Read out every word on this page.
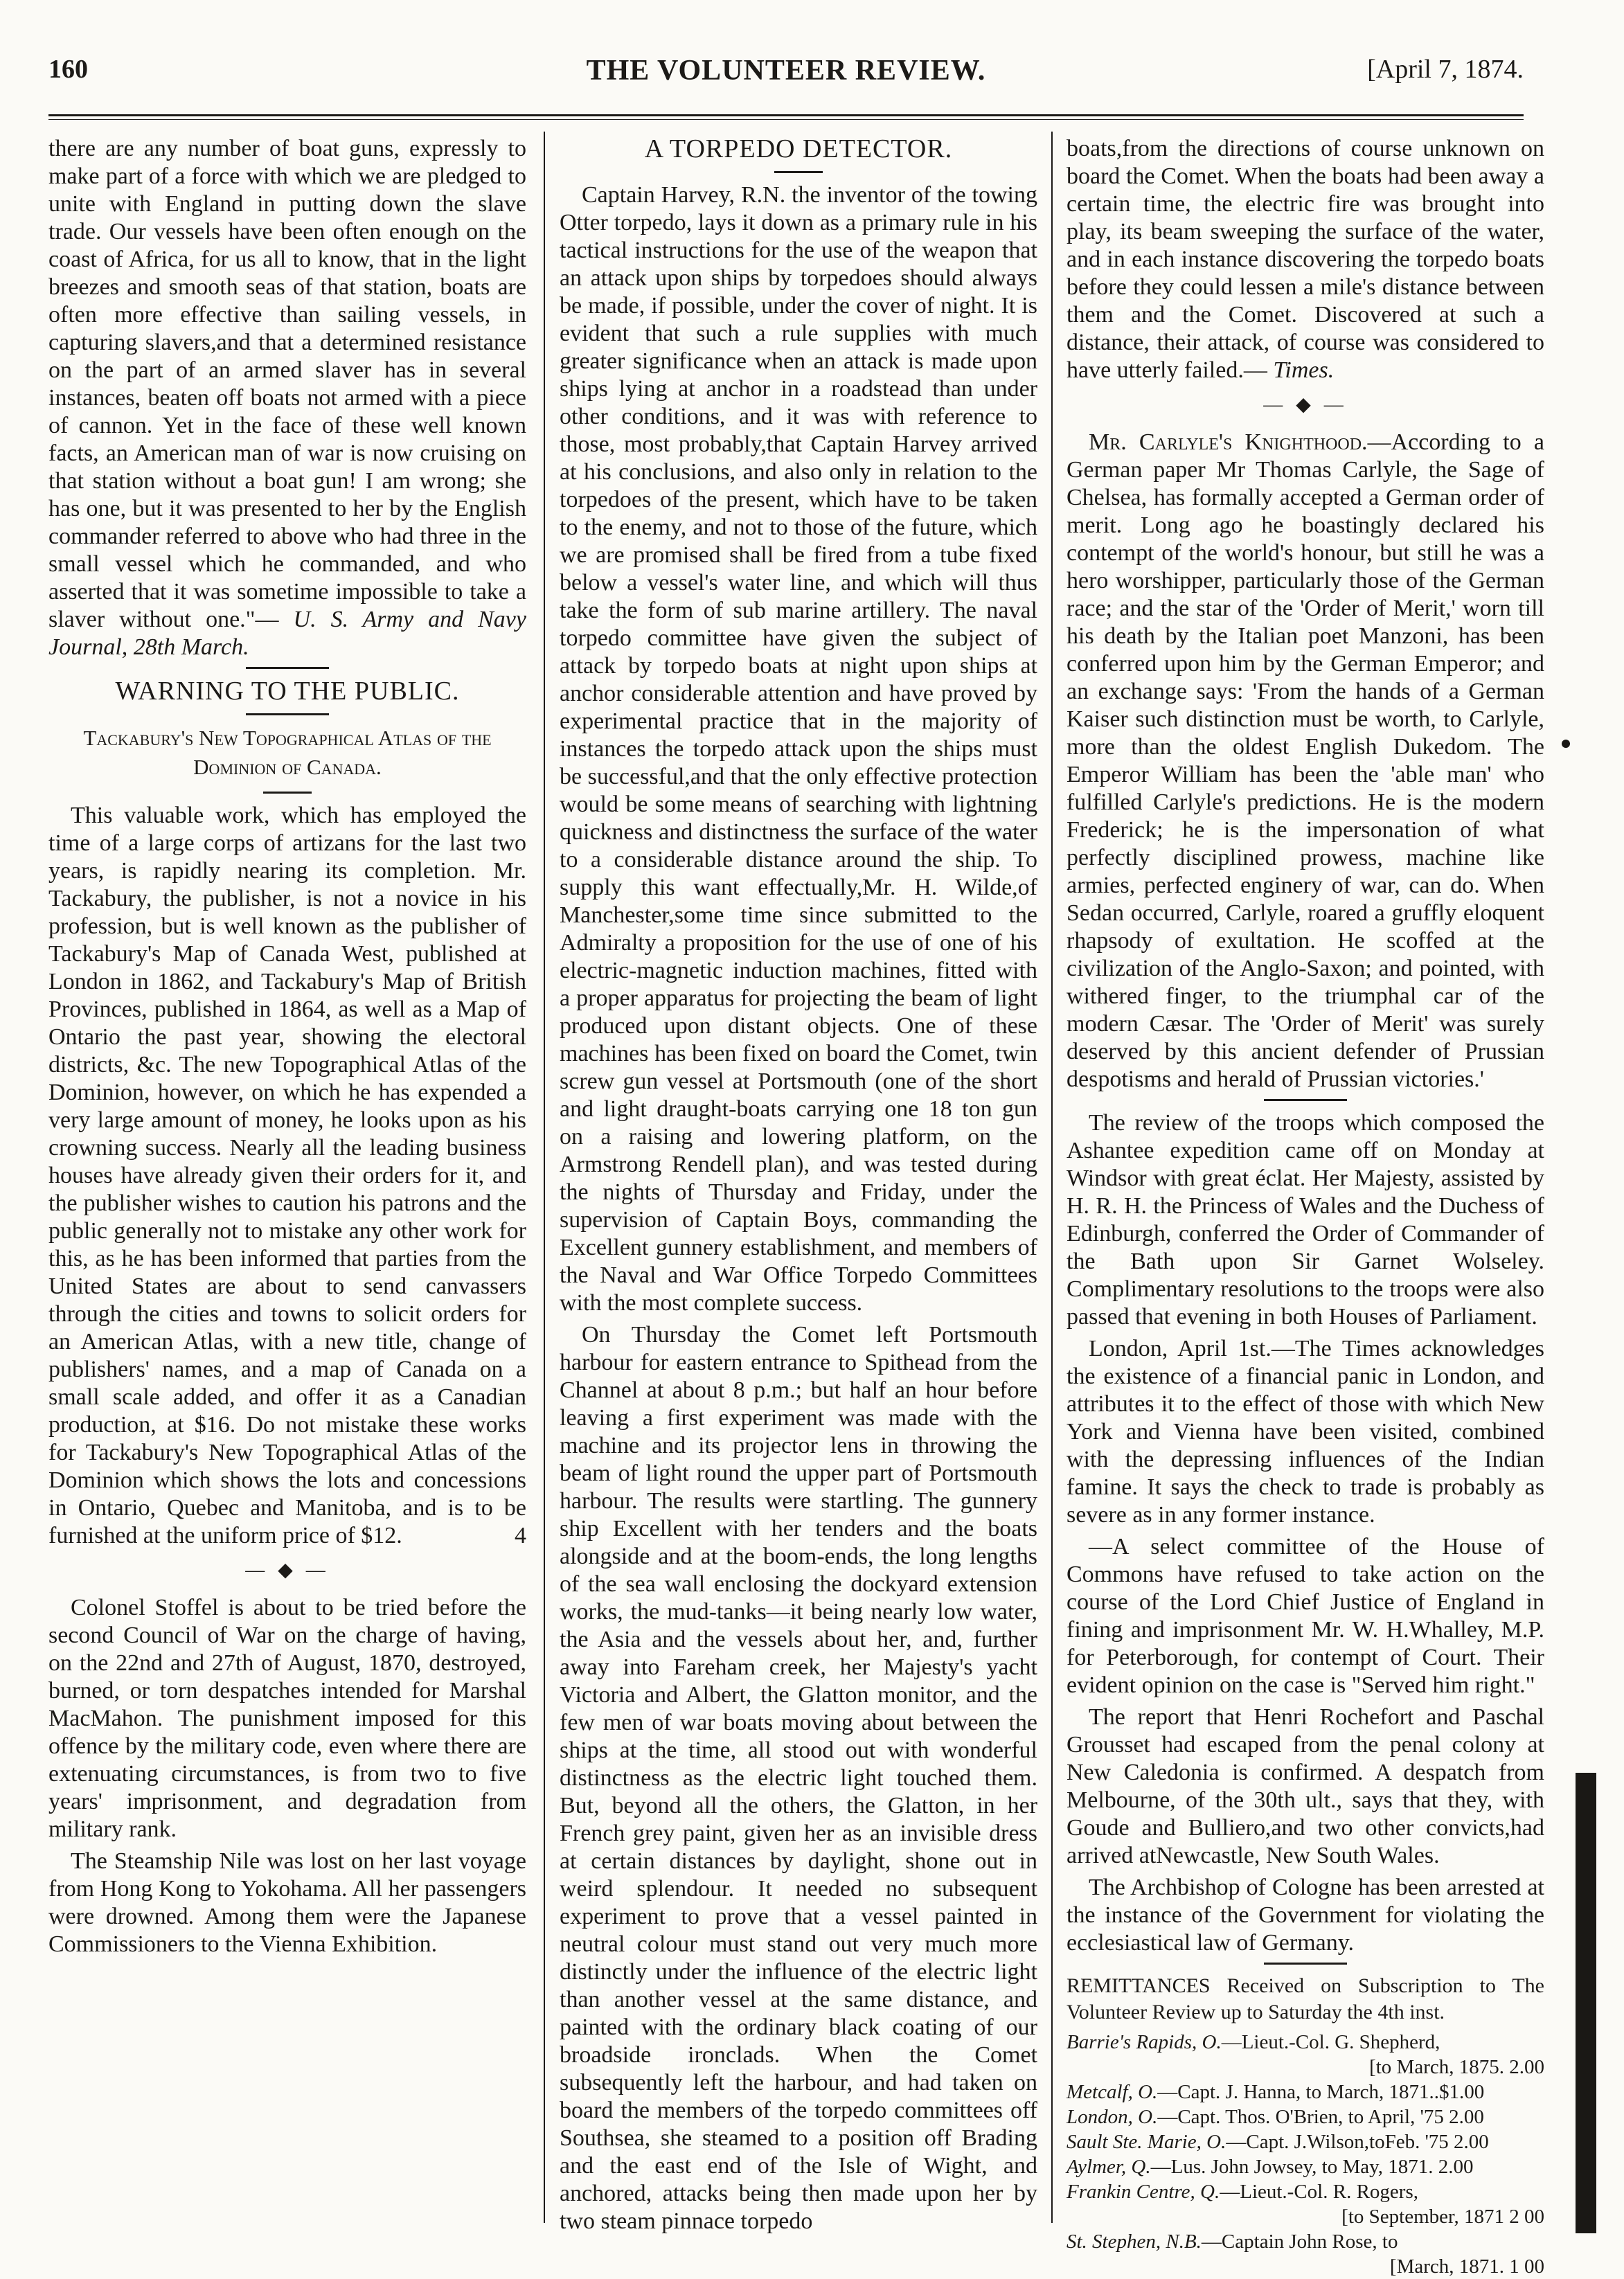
160	THE VOLUNTEER REVIEW.	[April 7, 1874.

there are any number of boat guns, expressly to make part of a force with which we are pledged to unite with England in putting down the slave trade. Our vessels have been often enough on the coast of Africa, for us all to know, that in the light breezes and smooth seas of that station, boats are often more effective than sailing vessels, in capturing slavers,and that a determined resistance on the part of an armed slaver has in several instances, beaten off boats not armed with a piece of cannon. Yet in the face of these well known facts, an American man of war is now cruising on that station without a boat gun! I am wrong; she has one, but it was presented to her by the English commander referred to above who had three in the small vessel which he commanded, and who asserted that it was sometime impossible to take a slaver without one."— U. S. Army and Navy Journal, 28th March.

WARNING TO THE PUBLIC.
Tackabury's New Topographical Atlas of the Dominion of Canada.

This valuable work, which has employed the time of a large corps of artizans for the last two years, is rapidly nearing its completion. Mr. Tackabury, the publisher, is not a novice in his profession, but is well known as the publisher of Tackabury's Map of Canada West, published at London in 1862, and Tackabury's Map of British Provinces, published in 1864, as well as a Map of Ontario the past year, showing the electoral districts, &c. The new Topographical Atlas of the Dominion, however, on which he has expended a very large amount of money, he looks upon as his crowning success. Nearly all the leading business houses have already given their orders for it, and the publisher wishes to caution his patrons and the public generally not to mistake any other work for this, as he has been informed that parties from the United States are about to send canvassers through the cities and towns to solicit orders for an American Atlas, with a new title, change of publishers' names, and a map of Canada on a small scale added, and offer it as a Canadian production, at $16. Do not mistake these works for Tackabury's New Topographical Atlas of the Dominion which shows the lots and concessions in Ontario, Quebec and Manitoba, and is to be furnished at the uniform price of $12.	4

— ◆ —

Colonel Stoffel is about to be tried before the second Council of War on the charge of having, on the 22nd and 27th of August, 1870, destroyed, burned, or torn despatches intended for Marshal MacMahon. The punishment imposed for this offence by the military code, even where there are extenuating circumstances, is from two to five years' imprisonment, and degradation from military rank.

The Steamship Nile was lost on her last voyage from Hong Kong to Yokohama. All her passengers were drowned. Among them were the Japanese Commissioners to the Vienna Exhibition.

A TORPEDO DETECTOR.

Captain Harvey, R.N. the inventor of the towing Otter torpedo, lays it down as a primary rule in his tactical instructions for the use of the weapon that an attack upon ships by torpedoes should always be made, if possible, under the cover of night. It is evident that such a rule supplies with much greater significance when an attack is made upon ships lying at anchor in a roadstead than under other conditions, and it was with reference to those, most probably,that Captain Harvey arrived at his conclusions, and also only in relation to the torpedoes of the present, which have to be taken to the enemy, and not to those of the future, which we are promised shall be fired from a tube fixed below a vessel's water line, and which will thus take the form of sub marine artillery. The naval torpedo committee have given the subject of attack by torpedo boats at night upon ships at anchor considerable attention and have proved by experimental practice that in the majority of instances the torpedo attack upon the ships must be successful,and that the only effective protection would be some means of searching with lightning quickness and distinctness the surface of the water to a considerable distance around the ship. To supply this want effectually,Mr. H. Wilde,of Manchester,some time since submitted to the Admiralty a proposition for the use of one of his electric-magnetic induction machines, fitted with a proper apparatus for projecting the beam of light produced upon distant objects. One of these machines has been fixed on board the Comet, twin screw gun vessel at Portsmouth (one of the short and light draught-boats carrying one 18 ton gun on a raising and lowering platform, on the Armstrong Rendell plan), and was tested during the nights of Thursday and Friday, under the supervision of Captain Boys, commanding the Excellent gunnery establishment, and members of the Naval and War Office Torpedo Committees with the most complete success.

On Thursday the Comet left Portsmouth harbour for eastern entrance to Spithead from the Channel at about 8 p.m.; but half an hour before leaving a first experiment was made with the machine and its projector lens in throwing the beam of light round the upper part of Portsmouth harbour. The results were startling. The gunnery ship Excellent with her tenders and the boats alongside and at the boom-ends, the long lengths of the sea wall enclosing the dockyard extension works, the mud-tanks—it being nearly low water, the Asia and the vessels about her, and, further away into Fareham creek, her Majesty's yacht Victoria and Albert, the Glatton monitor, and the few men of war boats moving about between the ships at the time, all stood out with wonderful distinctness as the electric light touched them. But, beyond all the others, the Glatton, in her French grey paint, given her as an invisible dress at certain distances by daylight, shone out in weird splendour. It needed no subsequent experiment to prove that a vessel painted in neutral colour must stand out very much more distinctly under the influence of the electric light than another vessel at the same distance, and painted with the ordinary black coating of our broadside ironclads. When the Comet subsequently left the harbour, and had taken on board the members of the torpedo committees off Southsea, she steamed to a position off Brading and the east end of the Isle of Wight, and anchored, attacks being then made upon her by two steam pinnace torpedo

boats,from the directions of course unknown on board the Comet. When the boats had been away a certain time, the electric fire was brought into play, its beam sweeping the surface of the water, and in each instance discovering the torpedo boats before they could lessen a mile's distance between them and the Comet. Discovered at such a distance, their attack, of course was considered to have utterly failed.— Times.

— ◆ —

Mr. Carlyle's Knighthood.—According to a German paper Mr Thomas Carlyle, the Sage of Chelsea, has formally accepted a German order of merit. Long ago he boastingly declared his contempt of the world's honour, but still he was a hero worshipper, particularly those of the German race; and the star of the 'Order of Merit,' worn till his death by the Italian poet Manzoni, has been conferred upon him by the German Emperor; and an exchange says: 'From the hands of a German Kaiser such distinction must be worth, to Carlyle, more than the oldest English Dukedom. The Emperor William has been the 'able man' who fulfilled Carlyle's predictions. He is the modern Frederick; he is the impersonation of what perfectly disciplined prowess, machine like armies, perfected enginery of war, can do. When Sedan occurred, Carlyle, roared a gruffly eloquent rhapsody of exultation. He scoffed at the civilization of the Anglo-Saxon; and pointed, with withered finger, to the triumphal car of the modern Cæsar. The 'Order of Merit' was surely deserved by this ancient defender of Prussian despotisms and herald of Prussian victories.'

The review of the troops which composed the Ashantee expedition came off on Monday at Windsor with great éclat. Her Majesty, assisted by H. R. H. the Princess of Wales and the Duchess of Edinburgh, conferred the Order of Commander of the Bath upon Sir Garnet Wolseley. Complimentary resolutions to the troops were also passed that evening in both Houses of Parliament.

London, April 1st.—The Times acknowledges the existence of a financial panic in London, and attributes it to the effect of those with which New York and Vienna have been visited, combined with the depressing influences of the Indian famine. It says the check to trade is probably as severe as in any former instance.

—A select committee of the House of Commons have refused to take action on the course of the Lord Chief Justice of England in fining and imprisonment Mr. W. H.Whalley, M.P. for Peterborough, for contempt of Court. Their evident opinion on the case is "Served him right."

The report that Henri Rochefort and Paschal Grousset had escaped from the penal colony at New Caledonia is confirmed. A despatch from Melbourne, of the 30th ult., says that they, with Goude and Bulliero,and two other convicts,had arrived atNewcastle, New South Wales.

The Archbishop of Cologne has been arrested at the instance of the Government for violating the ecclesiastical law of Germany.

REMITTANCES Received on Subscription to The Volunteer Review up to Saturday the 4th inst.

Barrie's Rapids, O.—Lieut.-Col. G. Shepherd,
[to March, 1875. 2.00

Metcalf, O.—Capt. J. Hanna, to March, 1871..$1.00

London, O.—Capt. Thos. O'Brien, to April, '75 2.00

Sault Ste. Marie, O.—Capt. J.Wilson,toFeb. '75 2.00

Aylmer, Q.—Lus. John Jowsey, to May, 1871. 2.00

Frankin Centre, Q.—Lieut.-Col. R. Rogers,
[to September, 1871 2 00

St. Stephen, N.B.—Captain John Rose, to
[March, 1871. 1 00
